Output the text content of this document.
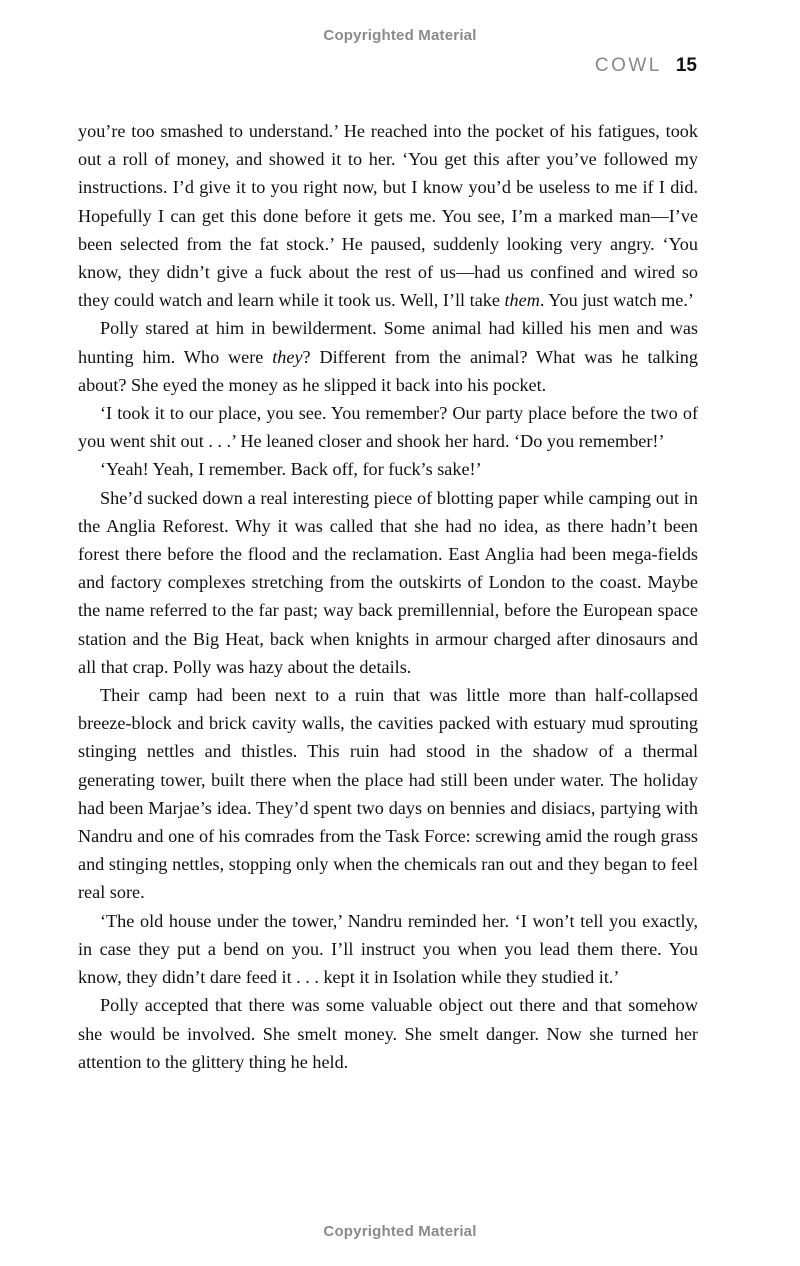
Copyrighted Material
COWL 15

you’re too smashed to understand.’ He reached into the pocket of his fatigues, took out a roll of money, and showed it to her. ‘You get this after you’ve followed my instructions. I’d give it to you right now, but I know you’d be useless to me if I did. Hopefully I can get this done before it gets me. You see, I’m a marked man—I’ve been selected from the fat stock.’ He paused, suddenly looking very angry. ‘You know, they didn’t give a fuck about the rest of us—had us confined and wired so they could watch and learn while it took us. Well, I’ll take them. You just watch me.’

Polly stared at him in bewilderment. Some animal had killed his men and was hunting him. Who were they? Different from the animal? What was he talking about? She eyed the money as he slipped it back into his pocket.

‘I took it to our place, you see. You remember? Our party place before the two of you went shit out . . .’ He leaned closer and shook her hard. ‘Do you remember!’

‘Yeah! Yeah, I remember. Back off, for fuck’s sake!’

She’d sucked down a real interesting piece of blotting paper while camping out in the Anglia Reforest. Why it was called that she had no idea, as there hadn’t been forest there before the flood and the reclamation. East Anglia had been mega-fields and factory complexes stretching from the outskirts of London to the coast. Maybe the name referred to the far past; way back premillennial, before the European space station and the Big Heat, back when knights in armour charged after dinosaurs and all that crap. Polly was hazy about the details.

Their camp had been next to a ruin that was little more than half-collapsed breeze-block and brick cavity walls, the cavities packed with estuary mud sprouting stinging nettles and thistles. This ruin had stood in the shadow of a thermal generating tower, built there when the place had still been under water. The holiday had been Marjae’s idea. They’d spent two days on bennies and disiacs, partying with Nandru and one of his comrades from the Task Force: screwing amid the rough grass and stinging nettles, stopping only when the chemicals ran out and they began to feel real sore.

‘The old house under the tower,’ Nandru reminded her. ‘I won’t tell you exactly, in case they put a bend on you. I’ll instruct you when you lead them there. You know, they didn’t dare feed it . . . kept it in Isolation while they studied it.’

Polly accepted that there was some valuable object out there and that somehow she would be involved. She smelt money. She smelt danger. Now she turned her attention to the glittery thing he held.

Copyrighted Material
